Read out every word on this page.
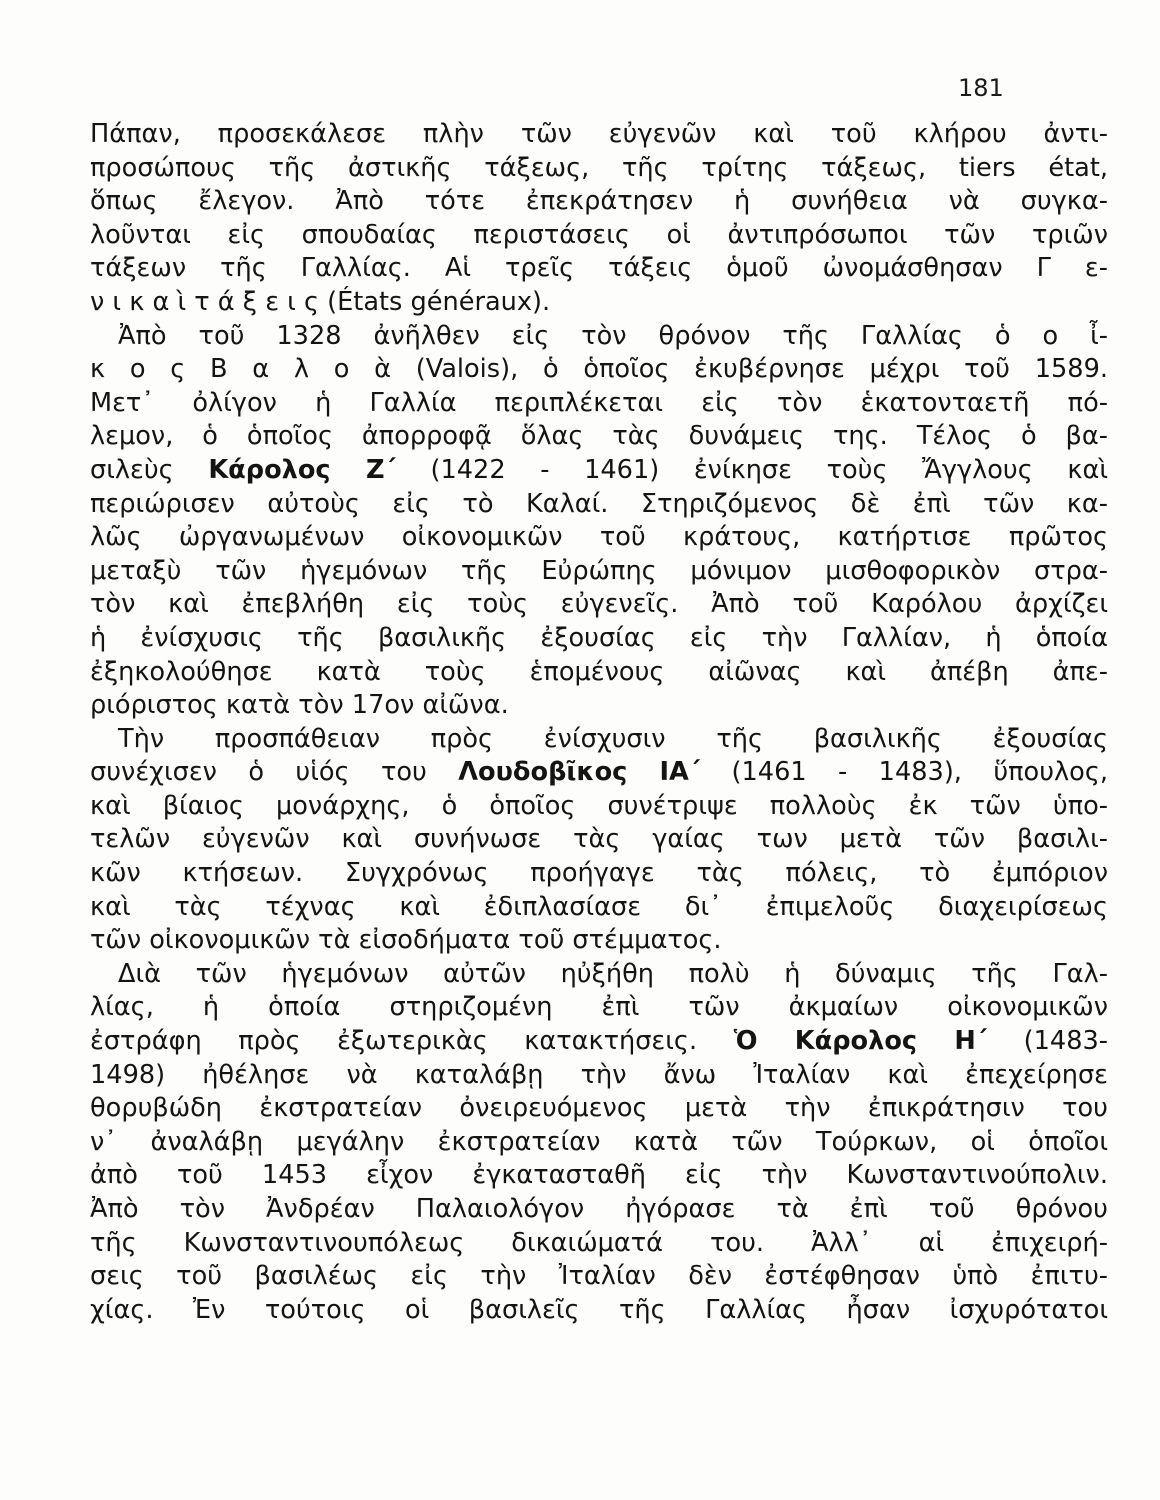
181
Πάπαν, προσεκάλεσε πλὴν τῶν εὐγενῶν καὶ τοῦ κλήρου ἀντι-
προσώπους τῆς ἀστικῆς τάξεως, τῆς τρίτης τάξεως, tiers état,
ὅπως ἔλεγον. Ἀπὸ τότε ἐπεκράτησεν ἡ συνήθεια νὰ συγκα-
λοῦνται εἰς σπουδαίας περιστάσεις οἱ ἀντιπρόσωποι τῶν τριῶν
τάξεων τῆς Γαλλίας. Αἱ τρεῖς τάξεις ὁμοῦ ὠνομάσθησαν Γ ε-
ν ι κ α ὶ τ ά ξ ε ι ς (États généraux).
Ἀπὸ τοῦ 1328 ἀνῆλθεν εἰς τὸν θρόνον τῆς Γαλλίας ὁ ο ἶ-
κ ο ς Β α λ ο ὰ (Valois), ὁ ὁποῖος ἐκυβέρνησε μέχρι τοῦ 1589.
Μετ᾽ ὀλίγον ἡ Γαλλία περιπλέκεται εἰς τὸν ἑκατονταετῆ πό-
λεμον, ὁ ὁποῖος ἀπορροφᾷ ὅλας τὰς δυνάμεις της. Τέλος ὁ βα-
σιλεὺς Κάρολος Ζ΄ (1422 - 1461) ἐνίκησε τοὺς Ἄγγλους καὶ
περιώρισεν αὐτοὺς εἰς τὸ Καλαί. Στηριζόμενος δὲ ἐπὶ τῶν κα-
λῶς ὠργανωμένων οἰκονομικῶν τοῦ κράτους, κατήρτισε πρῶτος
μεταξὺ τῶν ἡγεμόνων τῆς Εὐρώπης μόνιμον μισθοφορικὸν στρα-
τὸν καὶ ἐπεβλήθη εἰς τοὺς εὐγενεῖς. Ἀπὸ τοῦ Καρόλου ἀρχίζει
ἡ ἐνίσχυσις τῆς βασιλικῆς ἐξουσίας εἰς τὴν Γαλλίαν, ἡ ὁποία
ἐξηκολούθησε κατὰ τοὺς ἑπομένους αἰῶνας καὶ ἀπέβη ἀπε-
ριόριστος κατὰ τὸν 17ον αἰῶνα.
Τὴν προσπάθειαν πρὸς ἐνίσχυσιν τῆς βασιλικῆς ἐξουσίας
συνέχισεν ὁ υἱός του Λουδοβῖκος ΙΑ΄ (1461 - 1483), ὕπουλος,
καὶ βίαιος μονάρχης, ὁ ὁποῖος συνέτριψε πολλοὺς ἐκ τῶν ὑπο-
τελῶν εὐγενῶν καὶ συνήνωσε τὰς γαίας των μετὰ τῶν βασιλι-
κῶν κτήσεων. Συγχρόνως προήγαγε τὰς πόλεις, τὸ ἐμπόριον
καὶ τὰς τέχνας καὶ ἐδιπλασίασε δι᾽ ἐπιμελοῦς διαχειρίσεως
τῶν οἰκονομικῶν τὰ εἰσοδήματα τοῦ στέμματος.
Διὰ τῶν ἡγεμόνων αὐτῶν ηὐξήθη πολὺ ἡ δύναμις τῆς Γαλ-
λίας, ἡ ὁποία στηριζομένη ἐπὶ τῶν ἀκμαίων οἰκονομικῶν
ἐστράφη πρὸς ἐξωτερικὰς κατακτήσεις. Ὁ Κάρολος Η΄ (1483-
1498) ἠθέλησε νὰ καταλάβῃ τὴν ἄνω Ἰταλίαν καὶ ἐπεχείρησε
θορυβώδη ἐκστρατείαν ὀνειρευόμενος μετὰ τὴν ἐπικράτησιν του
ν᾽ ἀναλάβῃ μεγάλην ἐκστρατείαν κατὰ τῶν Τούρκων, οἱ ὁποῖοι
ἀπὸ τοῦ 1453 εἶχον ἐγκατασταθῆ εἰς τὴν Κωνσταντινούπολιν.
Ἀπὸ τὸν Ἀνδρέαν Παλαιολόγον ἠγόρασε τὰ ἐπὶ τοῦ θρόνου
τῆς Κωνσταντινουπόλεως δικαιώματά του. Ἀλλ᾽ αἱ ἐπιχειρή-
σεις τοῦ βασιλέως εἰς τὴν Ἰταλίαν δὲν ἐστέφθησαν ὑπὸ ἐπιτυ-
χίας. Ἐν τούτοις οἱ βασιλεῖς τῆς Γαλλίας ἦσαν ἰσχυρότατοι
